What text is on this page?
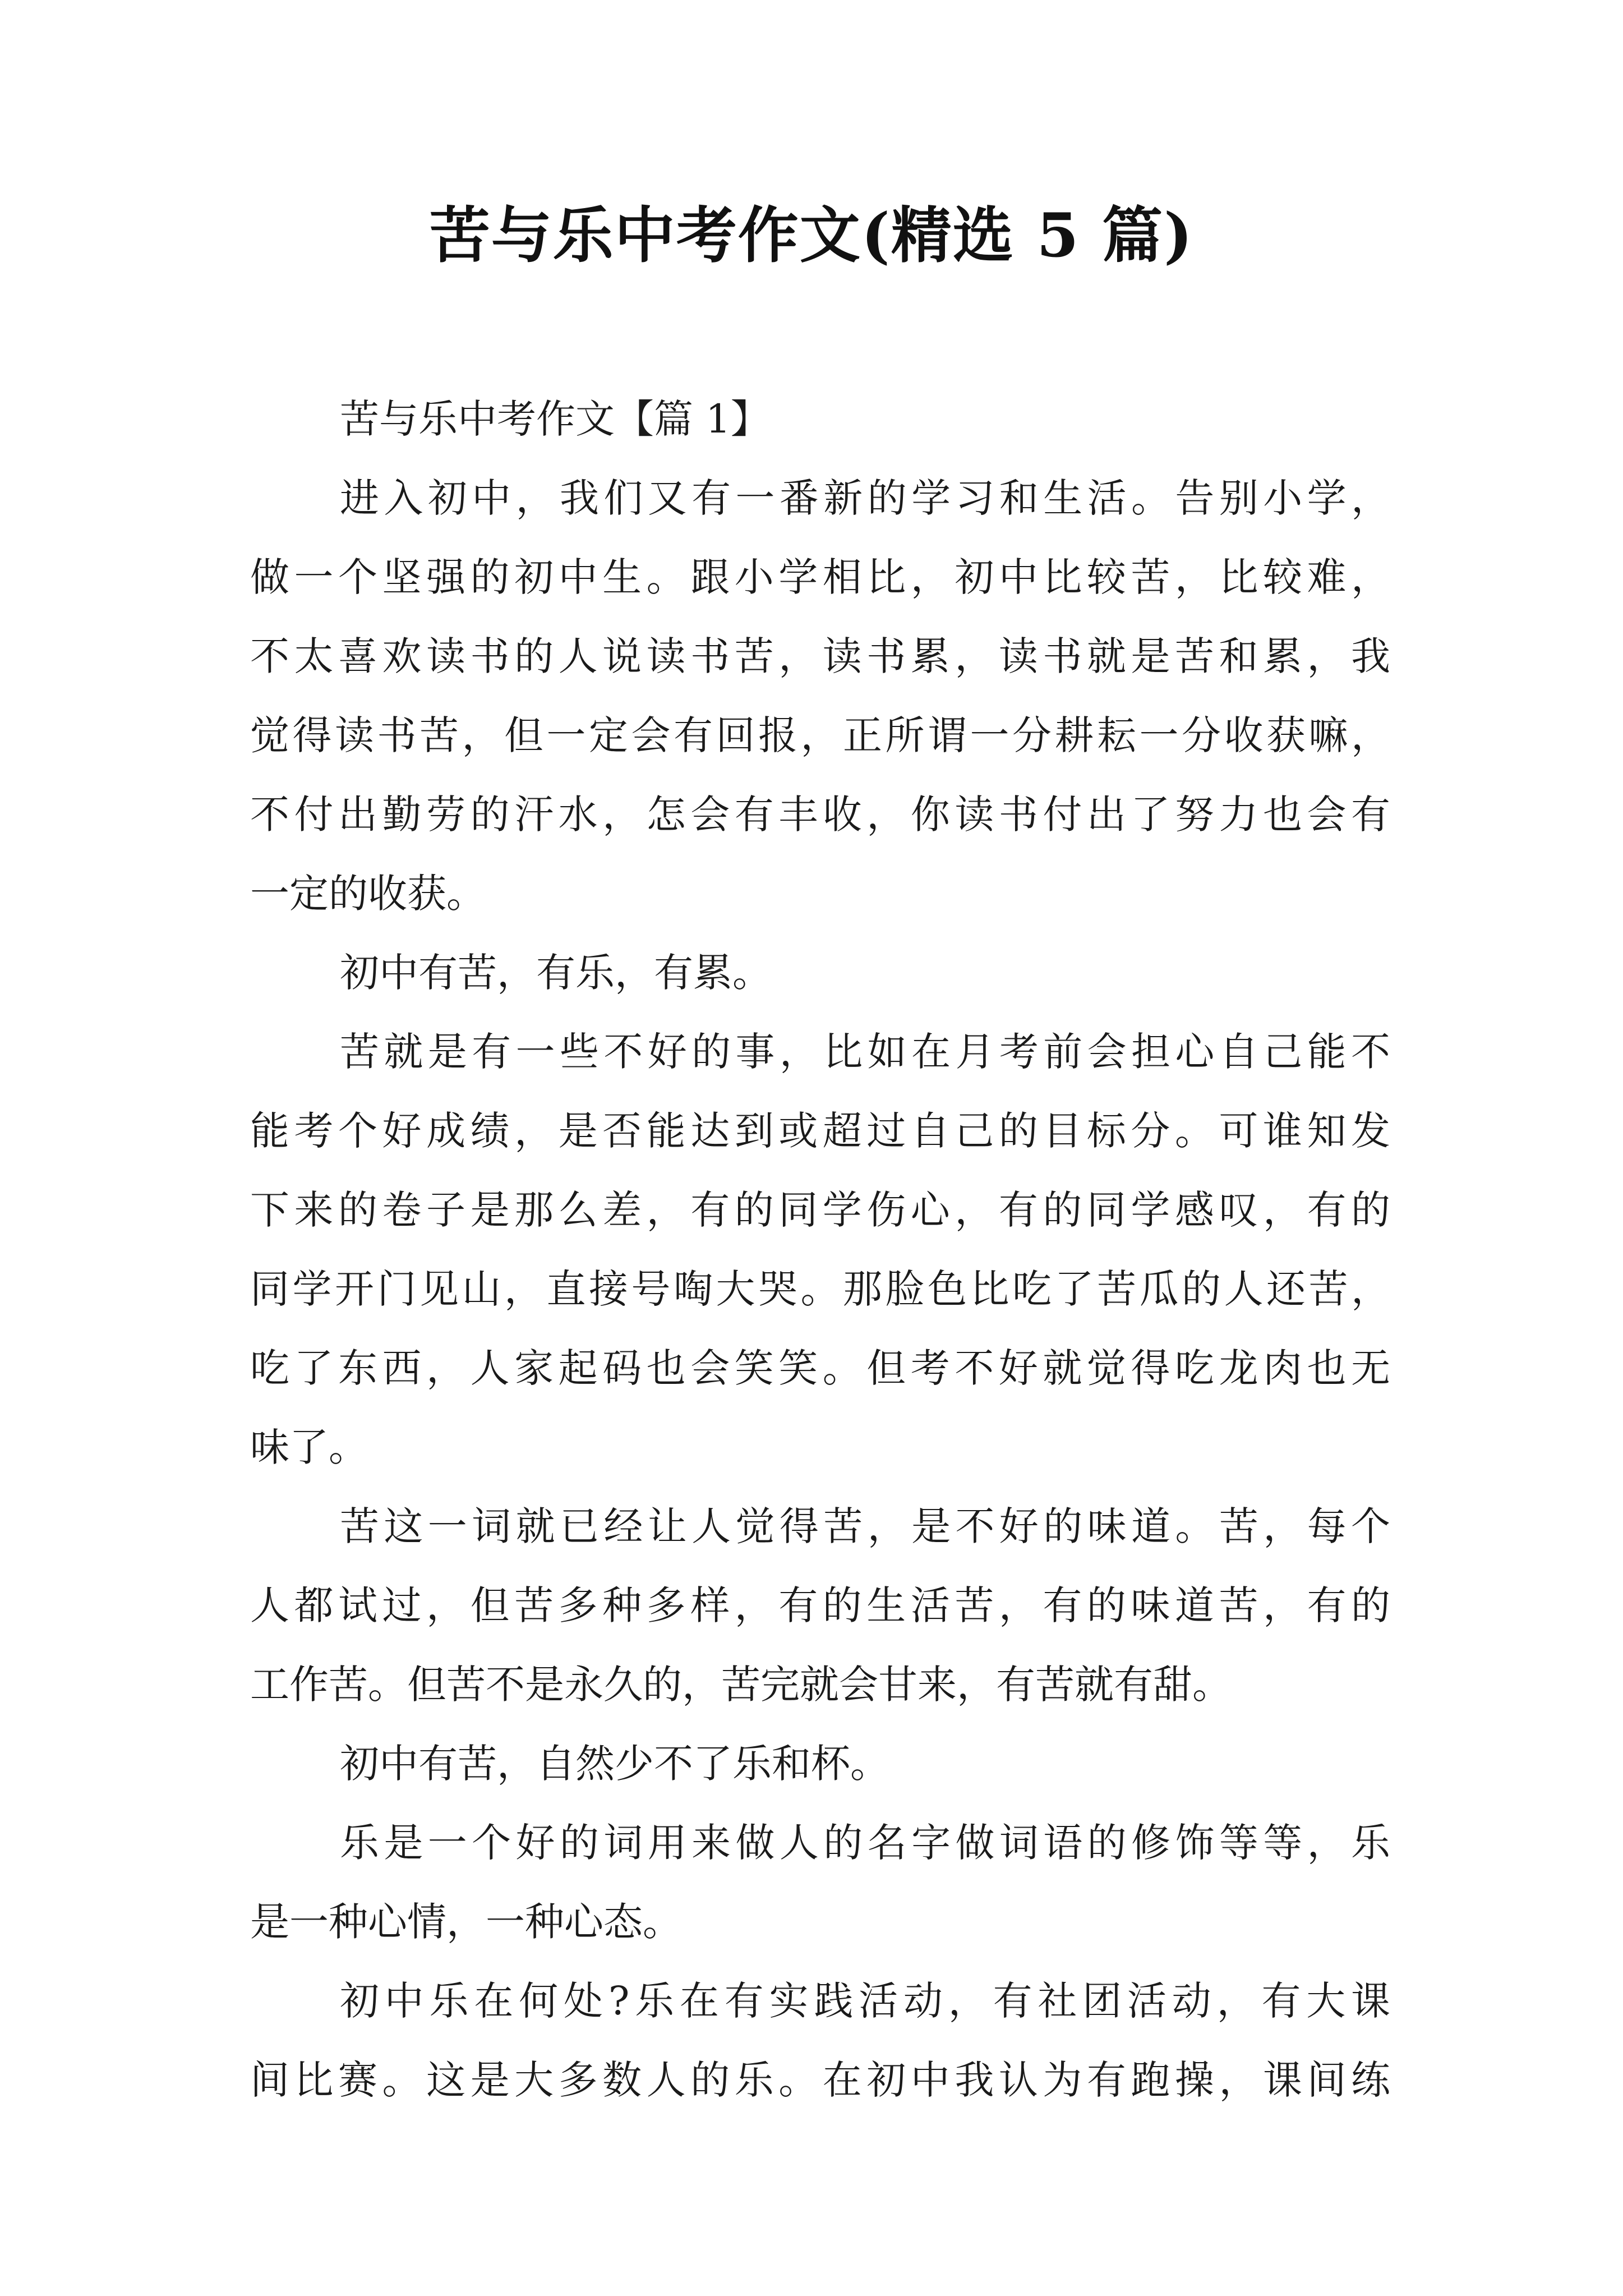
苦与乐中考作文(精选 5 篇)
苦与乐中考作文【篇 1】
进入初中，我们又有一番新的学习和生活。告别小学，
做一个坚强的初中生。跟小学相比，初中比较苦，比较难，
不太喜欢读书的人说读书苦，读书累，读书就是苦和累，我
觉得读书苦，但一定会有回报，正所谓一分耕耘一分收获嘛，
不付出勤劳的汗水，怎会有丰收，你读书付出了努力也会有
一定的收获。
初中有苦，有乐，有累。
苦就是有一些不好的事，比如在月考前会担心自己能不
能考个好成绩，是否能达到或超过自己的目标分。可谁知发
下来的卷子是那么差，有的同学伤心，有的同学感叹，有的
同学开门见山，直接号啕大哭。那脸色比吃了苦瓜的人还苦，
吃了东西，人家起码也会笑笑。但考不好就觉得吃龙肉也无
味了。
苦这一词就已经让人觉得苦，是不好的味道。苦，每个
人都试过，但苦多种多样，有的生活苦，有的味道苦，有的
工作苦。但苦不是永久的，苦完就会甘来，有苦就有甜。
初中有苦，自然少不了乐和杯。
乐是一个好的词用来做人的名字做词语的修饰等等，乐
是一种心情，一种心态。
初中乐在何处?乐在有实践活动，有社团活动，有大课
间比赛。这是大多数人的乐。在初中我认为有跑操，课间练
